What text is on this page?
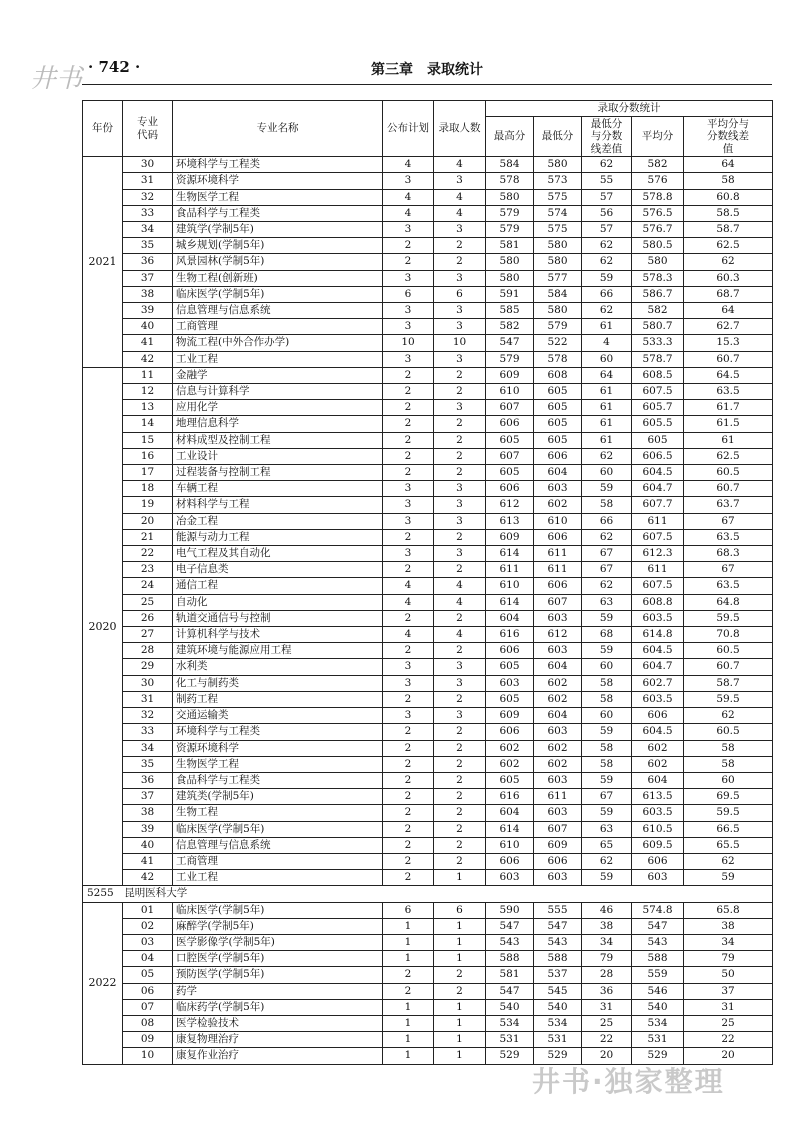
井书
井书·独家整理
· 742 ·	第三章　录取统计
年份	专业代码	专业名称	公布计划	录取人数	录取分数统计				
					最高分	最低分	最低分与分数线差值	平均分	平均分与分数线差值
2021	30	环境科学与工程类	4	4	584	580	62	582	64
	31	资源环境科学	3	3	578	573	55	576	58
	32	生物医学工程	4	4	580	575	57	578.8	60.8
	33	食品科学与工程类	4	4	579	574	56	576.5	58.5
	34	建筑学(学制5年)	3	3	579	575	57	576.7	58.7
	35	城乡规划(学制5年)	2	2	581	580	62	580.5	62.5
	36	风景园林(学制5年)	2	2	580	580	62	580	62
	37	生物工程(创新班)	3	3	580	577	59	578.3	60.3
	38	临床医学(学制5年)	6	6	591	584	66	586.7	68.7
	39	信息管理与信息系统	3	3	585	580	62	582	64
	40	工商管理	3	3	582	579	61	580.7	62.7
	41	物流工程(中外合作办学)	10	10	547	522	4	533.3	15.3
	42	工业工程	3	3	579	578	60	578.7	60.7
2020	11	金融学	2	2	609	608	64	608.5	64.5
	12	信息与计算科学	2	2	610	605	61	607.5	63.5
	13	应用化学	2	3	607	605	61	605.7	61.7
	14	地理信息科学	2	2	606	605	61	605.5	61.5
	15	材料成型及控制工程	2	2	605	605	61	605	61
	16	工业设计	2	2	607	606	62	606.5	62.5
	17	过程装备与控制工程	2	2	605	604	60	604.5	60.5
	18	车辆工程	3	3	606	603	59	604.7	60.7
	19	材料科学与工程	3	3	612	602	58	607.7	63.7
	20	冶金工程	3	3	613	610	66	611	67
	21	能源与动力工程	2	2	609	606	62	607.5	63.5
	22	电气工程及其自动化	3	3	614	611	67	612.3	68.3
	23	电子信息类	2	2	611	611	67	611	67
	24	通信工程	4	4	610	606	62	607.5	63.5
	25	自动化	4	4	614	607	63	608.8	64.8
	26	轨道交通信号与控制	2	2	604	603	59	603.5	59.5
	27	计算机科学与技术	4	4	616	612	68	614.8	70.8
	28	建筑环境与能源应用工程	2	2	606	603	59	604.5	60.5
	29	水利类	3	3	605	604	60	604.7	60.7
	30	化工与制药类	3	3	603	602	58	602.7	58.7
	31	制药工程	2	2	605	602	58	603.5	59.5
	32	交通运输类	3	3	609	604	60	606	62
	33	环境科学与工程类	2	2	606	603	59	604.5	60.5
	34	资源环境科学	2	2	602	602	58	602	58
	35	生物医学工程	2	2	602	602	58	602	58
	36	食品科学与工程类	2	2	605	603	59	604	60
	37	建筑类(学制5年)	2	2	616	611	67	613.5	69.5
	38	生物工程	2	2	604	603	59	603.5	59.5
	39	临床医学(学制5年)	2	2	614	607	63	610.5	66.5
	40	信息管理与信息系统	2	2	610	609	65	609.5	65.5
	41	工商管理	2	2	606	606	62	606	62
	42	工业工程	2	1	603	603	59	603	59
5255　昆明医科大学									
2022	01	临床医学(学制5年)	6	6	590	555	46	574.8	65.8
	02	麻醉学(学制5年)	1	1	547	547	38	547	38
	03	医学影像学(学制5年)	1	1	543	543	34	543	34
	04	口腔医学(学制5年)	1	1	588	588	79	588	79
	05	预防医学(学制5年)	2	2	581	537	28	559	50
	06	药学	2	2	547	545	36	546	37
	07	临床药学(学制5年)	1	1	540	540	31	540	31
	08	医学检验技术	1	1	534	534	25	534	25
	09	康复物理治疗	1	1	531	531	22	531	22
	10	康复作业治疗	1	1	529	529	20	529	20
